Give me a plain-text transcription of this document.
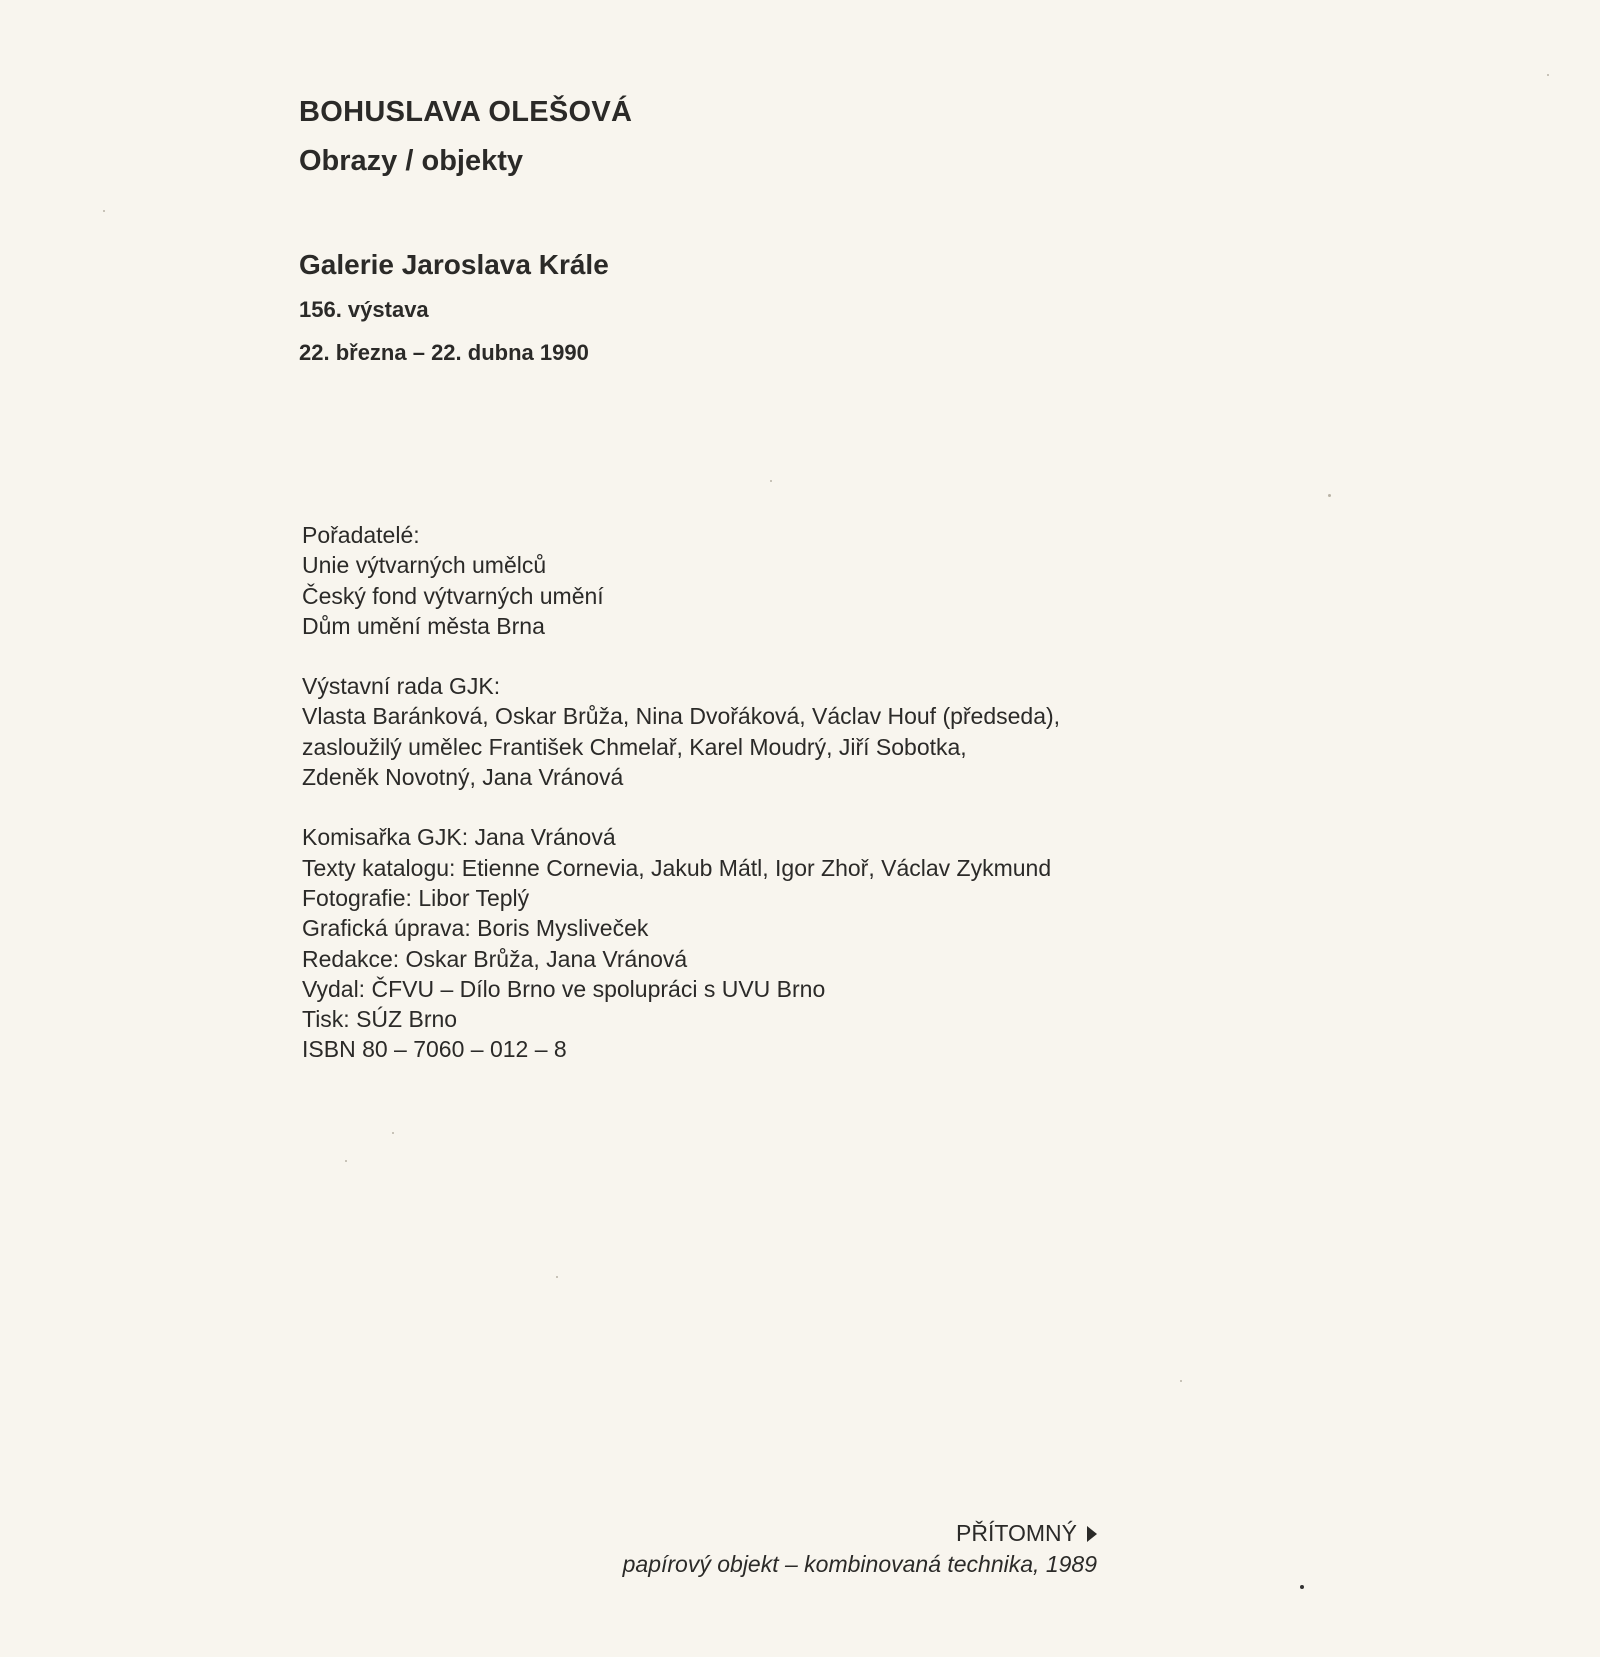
BOHUSLAVA OLEŠOVÁ
Obrazy / objekty
Galerie Jaroslava Krále
156. výstava
22. března – 22. dubna 1990
Pořadatelé:
Unie výtvarných umělců
Český fond výtvarných umění
Dům umění města Brna
Výstavní rada GJK:
Vlasta Baránková, Oskar Brůža, Nina Dvořáková, Václav Houf (předseda),
zasloužilý umělec František Chmelař, Karel Moudrý, Jiří Sobotka,
Zdeněk Novotný, Jana Vránová
Komisařka GJK: Jana Vránová
Texty katalogu: Etienne Cornevia, Jakub Mátl, Igor Zhoř, Václav Zykmund
Fotografie: Libor Teplý
Grafická úprava: Boris Myslivеček
Redakce: Oskar Brůža, Jana Vránová
Vydal: ČFVU – Dílo Brno ve spolupráci s UVU Brno
Tisk: SÚZ Brno
ISBN 80 – 7060 – 012 – 8
PŘÍTOMNÝ
papírový objekt – kombinovaná technika, 1989
